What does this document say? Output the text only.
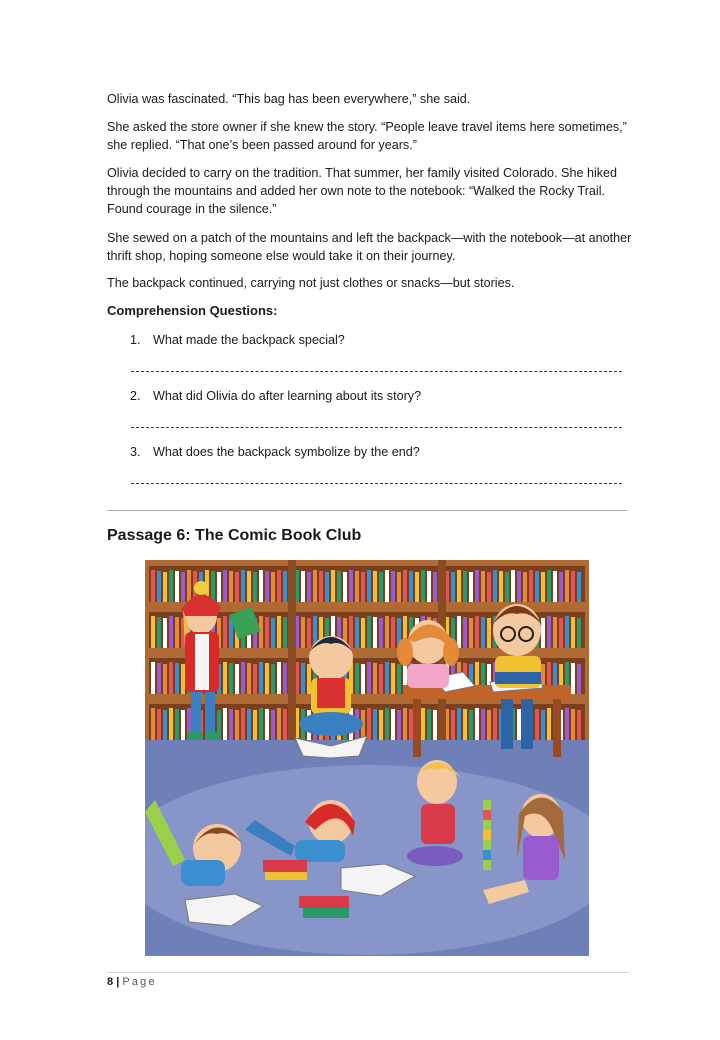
Olivia was fascinated. “This bag has been everywhere,” she said.

She asked the store owner if she knew the story. “People leave travel items here sometimes,” she replied. “That one’s been passed around for years.”

Olivia decided to carry on the tradition. That summer, her family visited Colorado. She hiked through the mountains and added her own note to the notebook: “Walked the Rocky Trail. Found courage in the silence.”

She sewed on a patch of the mountains and left the backpack—with the notebook—at another thrift shop, hoping someone else would take it on their journey.

The backpack continued, carrying not just clothes or snacks—but stories.

Comprehension Questions:

1. What made the backpack special?
2. What did Olivia do after learning about its story?
3. What does the backpack symbolize by the end?
Passage 6: The Comic Book Club
8 | Page
